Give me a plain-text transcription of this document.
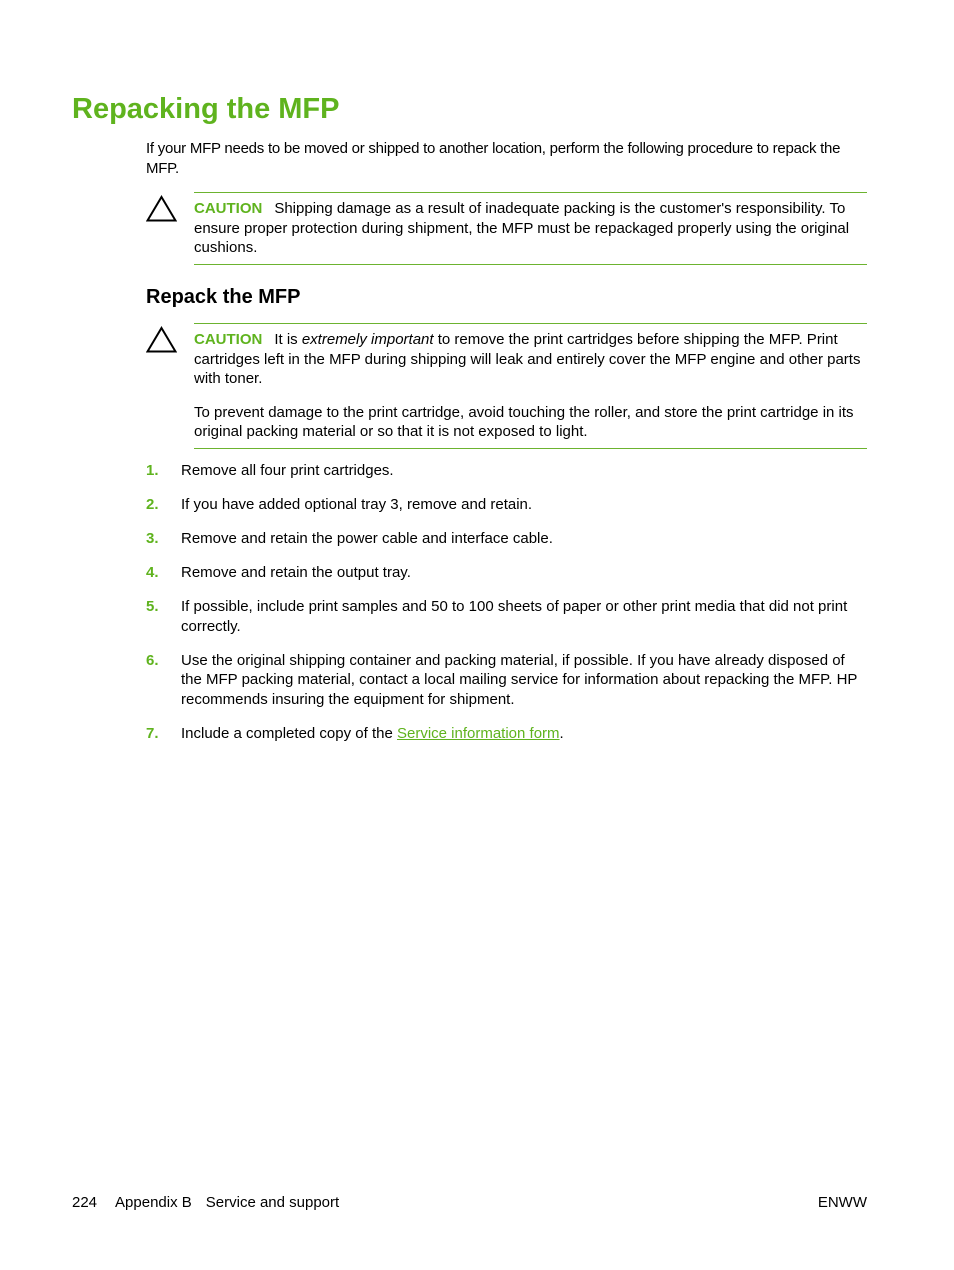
Repacking the MFP

If your MFP needs to be moved or shipped to another location, perform the following procedure to repack the MFP.

CAUTION Shipping damage as a result of inadequate packing is the customer's responsibility. To ensure proper protection during shipment, the MFP must be repackaged properly using the original cushions.

Repack the MFP

CAUTION It is extremely important to remove the print cartridges before shipping the MFP. Print cartridges left in the MFP during shipping will leak and entirely cover the MFP engine and other parts with toner.

To prevent damage to the print cartridge, avoid touching the roller, and store the print cartridge in its original packing material or so that it is not exposed to light.

1. Remove all four print cartridges.
2. If you have added optional tray 3, remove and retain.
3. Remove and retain the power cable and interface cable.
4. Remove and retain the output tray.
5. If possible, include print samples and 50 to 100 sheets of paper or other print media that did not print correctly.
6. Use the original shipping container and packing material, if possible. If you have already disposed of the MFP packing material, contact a local mailing service for information about repacking the MFP. HP recommends insuring the equipment for shipment.
7. Include a completed copy of the Service information form.
224 Appendix B Service and support	ENWW
